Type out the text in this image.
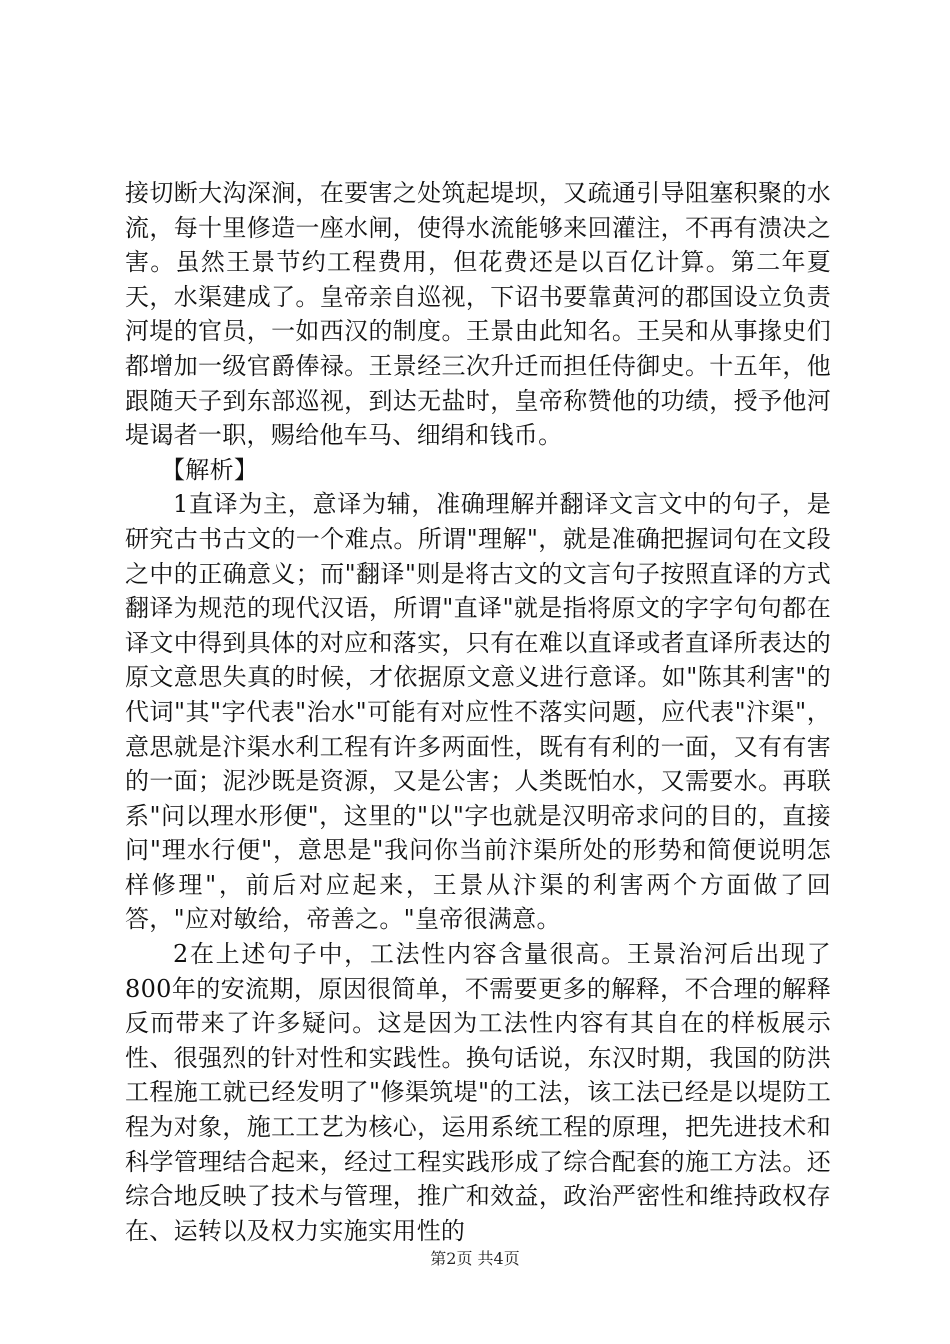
接切断大沟深涧，在要害之处筑起堤坝，又疏通引导阻塞积聚的水流，每十里修造一座水闸，使得水流能够来回灌注，不再有溃决之害。虽然王景节约工程费用，但花费还是以百亿计算。第二年夏天，水渠建成了。皇帝亲自巡视，下诏书要靠黄河的郡国设立负责河堤的官员，一如西汉的制度。王景由此知名。王吴和从事掾史们都增加一级官爵俸禄。王景经三次升迁而担任侍御史。十五年，他跟随天子到东部巡视，到达无盐时，皇帝称赞他的功绩，授予他河堤谒者一职，赐给他车马、细绢和钱币。

【解析】

1直译为主，意译为辅，准确理解并翻译文言文中的句子，是研究古书古文的一个难点。所谓"理解"，就是准确把握词句在文段之中的正确意义；而"翻译"则是将古文的文言句子按照直译的方式翻译为规范的现代汉语，所谓"直译"就是指将原文的字字句句都在译文中得到具体的对应和落实，只有在难以直译或者直译所表达的原文意思失真的时候，才依据原文意义进行意译。如"陈其利害"的代词"其"字代表"治水"可能有对应性不落实问题，应代表"汴渠"，意思就是汴渠水利工程有许多两面性，既有有利的一面，又有有害的一面；泥沙既是资源，又是公害；人类既怕水，又需要水。再联系"问以理水形便"，这里的"以"字也就是汉明帝求问的目的，直接问"理水行便"，意思是"我问你当前汴渠所处的形势和简便说明怎样修理"，前后对应起来，王景从汴渠的利害两个方面做了回答，"应对敏给，帝善之。"皇帝很满意。

2在上述句子中，工法性内容含量很高。王景治河后出现了800年的安流期，原因很简单，不需要更多的解释，不合理的解释反而带来了许多疑问。这是因为工法性内容有其自在的样板展示性、很强烈的针对性和实践性。换句话说，东汉时期，我国的防洪工程施工就已经发明了"修渠筑堤"的工法，该工法已经是以堤防工程为对象，施工工艺为核心，运用系统工程的原理，把先进技术和科学管理结合起来，经过工程实践形成了综合配套的施工方法。还综合地反映了技术与管理，推广和效益，政治严密性和维持政权存在、运转以及权力实施实用性的

第2页 共4页
